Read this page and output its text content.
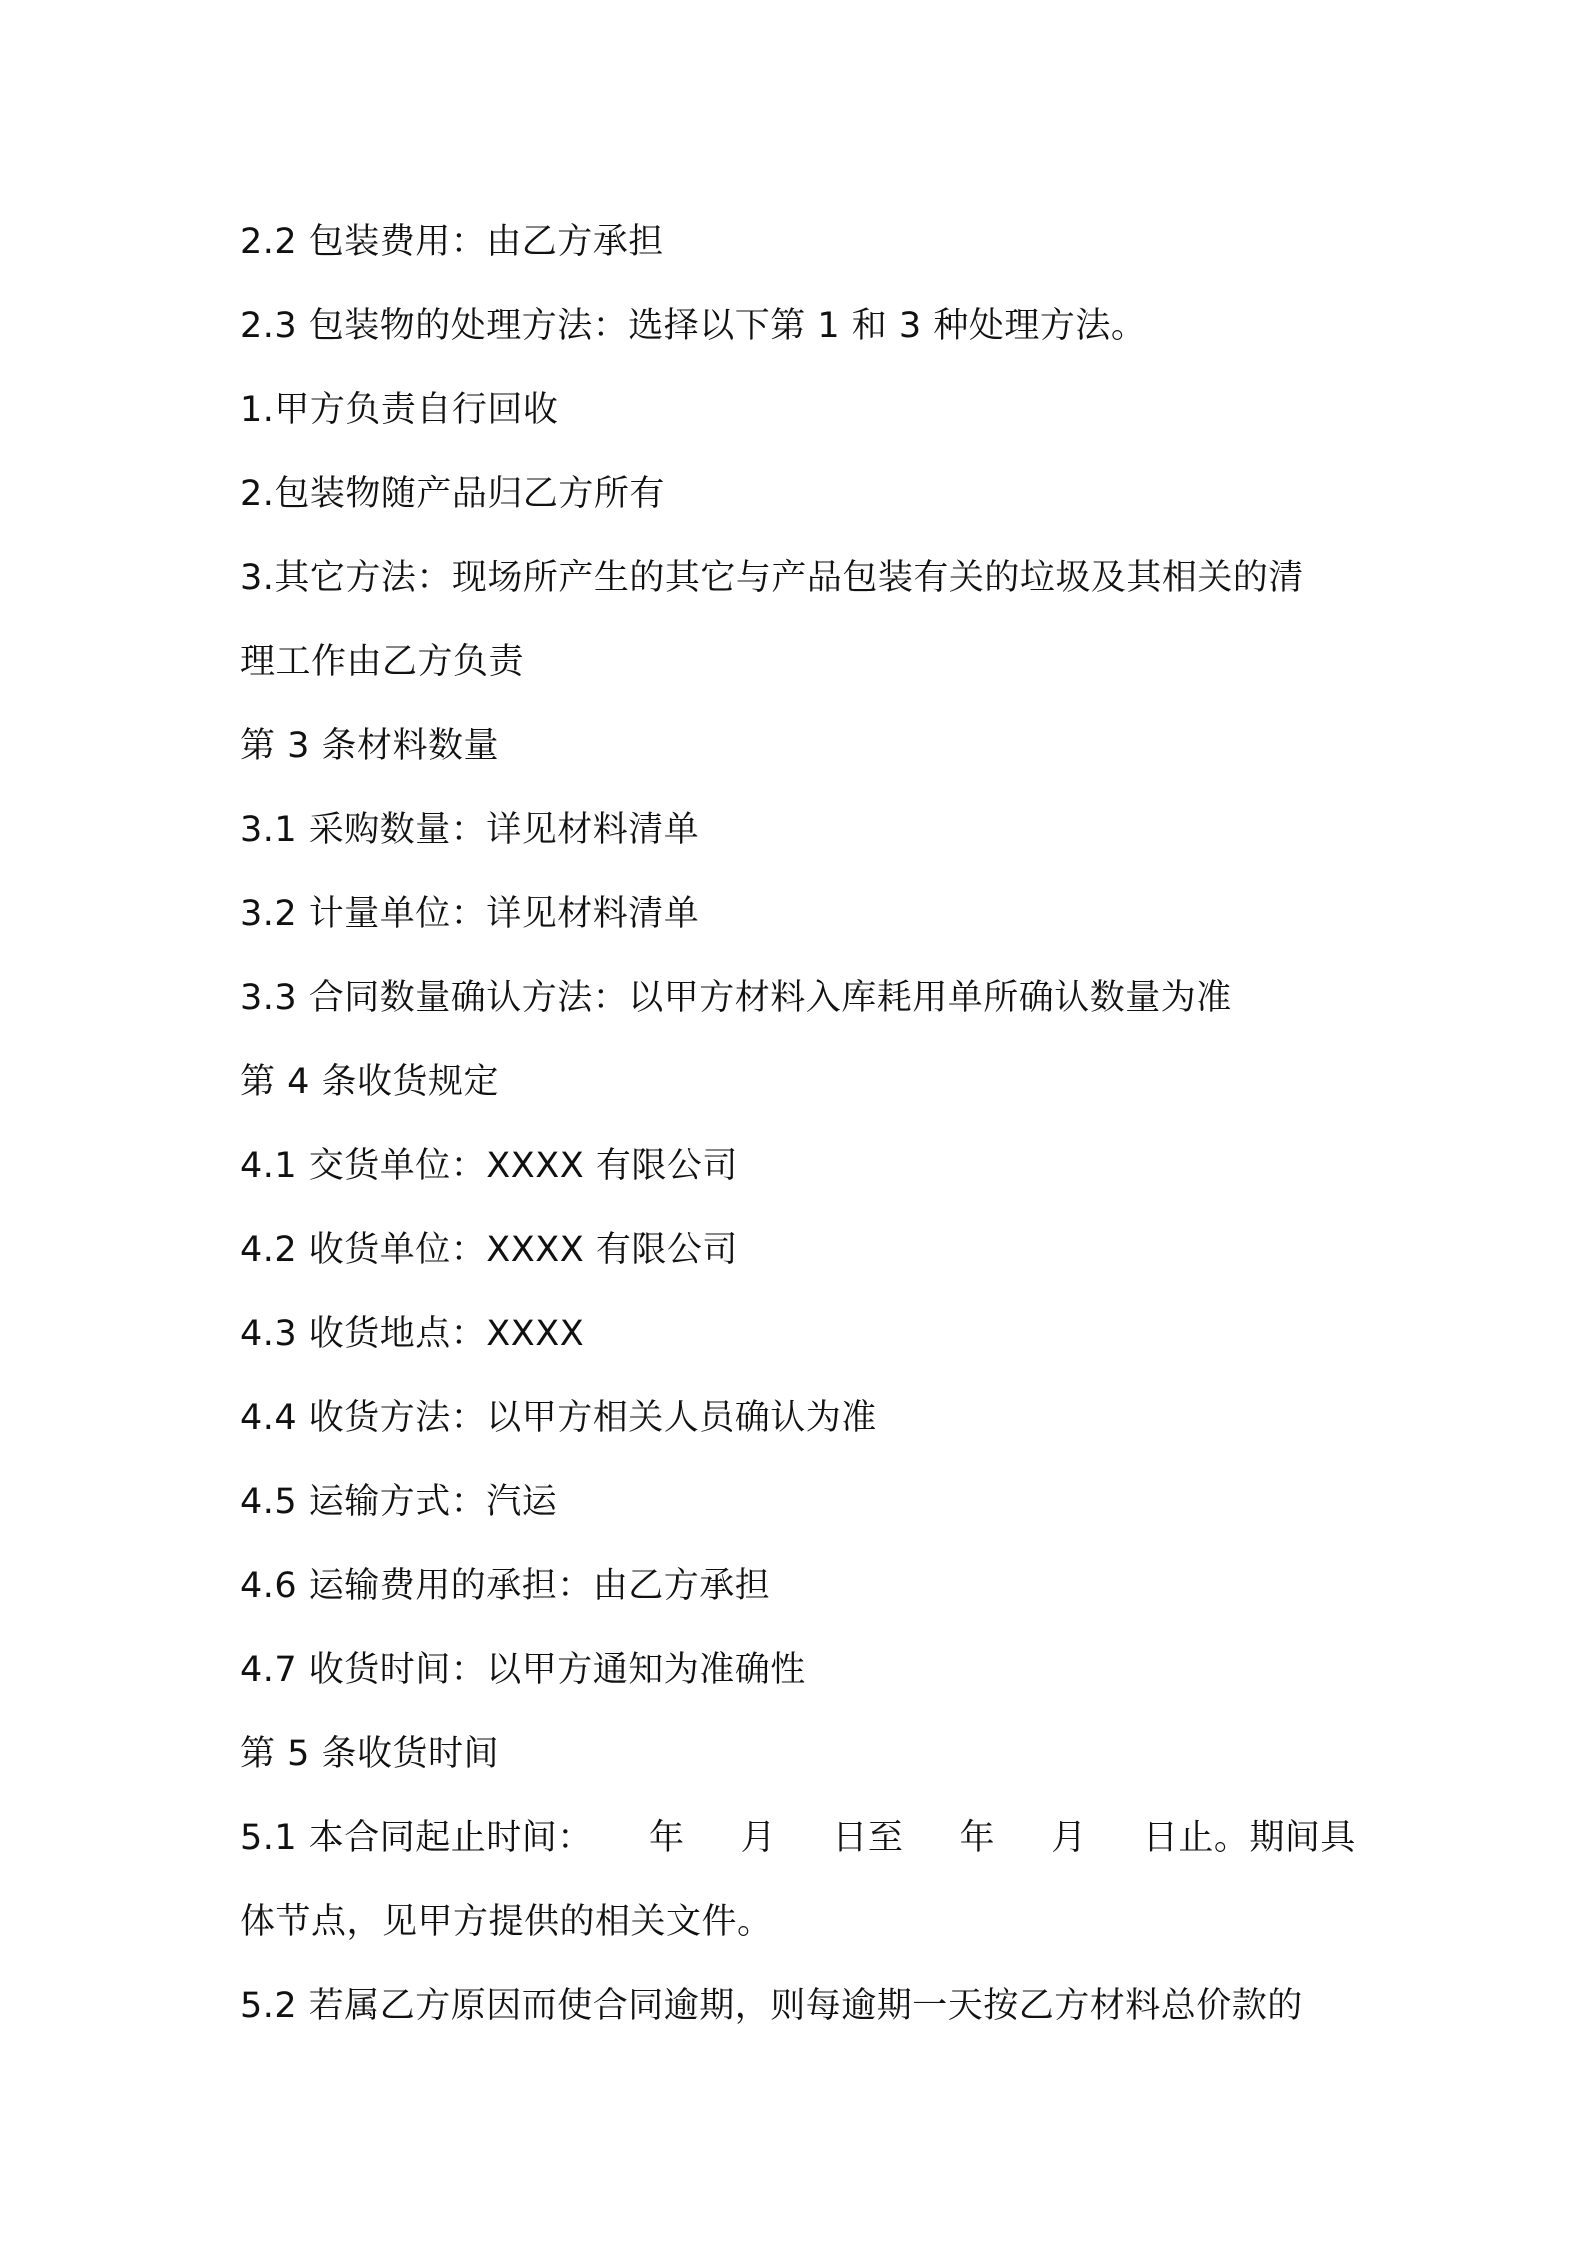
2.2 包装费用：由乙方承担
2.3 包装物的处理方法：选择以下第 1 和 3 种处理方法。
1.甲方负责自行回收
2.包装物随产品归乙方所有
3.其它方法：现场所产生的其它与产品包装有关的垃圾及其相关的清
理工作由乙方负责
第 3 条材料数量
3.1 采购数量：详见材料清单
3.2 计量单位：详见材料清单
3.3 合同数量确认方法：以甲方材料入库耗用单所确认数量为准
第 4 条收货规定
4.1 交货单位：XXXX 有限公司
4.2 收货单位：XXXX 有限公司
4.3 收货地点：XXXX
4.4 收货方法：以甲方相关人员确认为准
4.5 运输方式：汽运
4.6 运输费用的承担：由乙方承担
4.7 收货时间：以甲方通知为准确性
第 5 条收货时间
5.1 本合同起止时间： 年 月 日至 年 月 日止。期间具
体节点，见甲方提供的相关文件。
5.2 若属乙方原因而使合同逾期，则每逾期一天按乙方材料总价款的
